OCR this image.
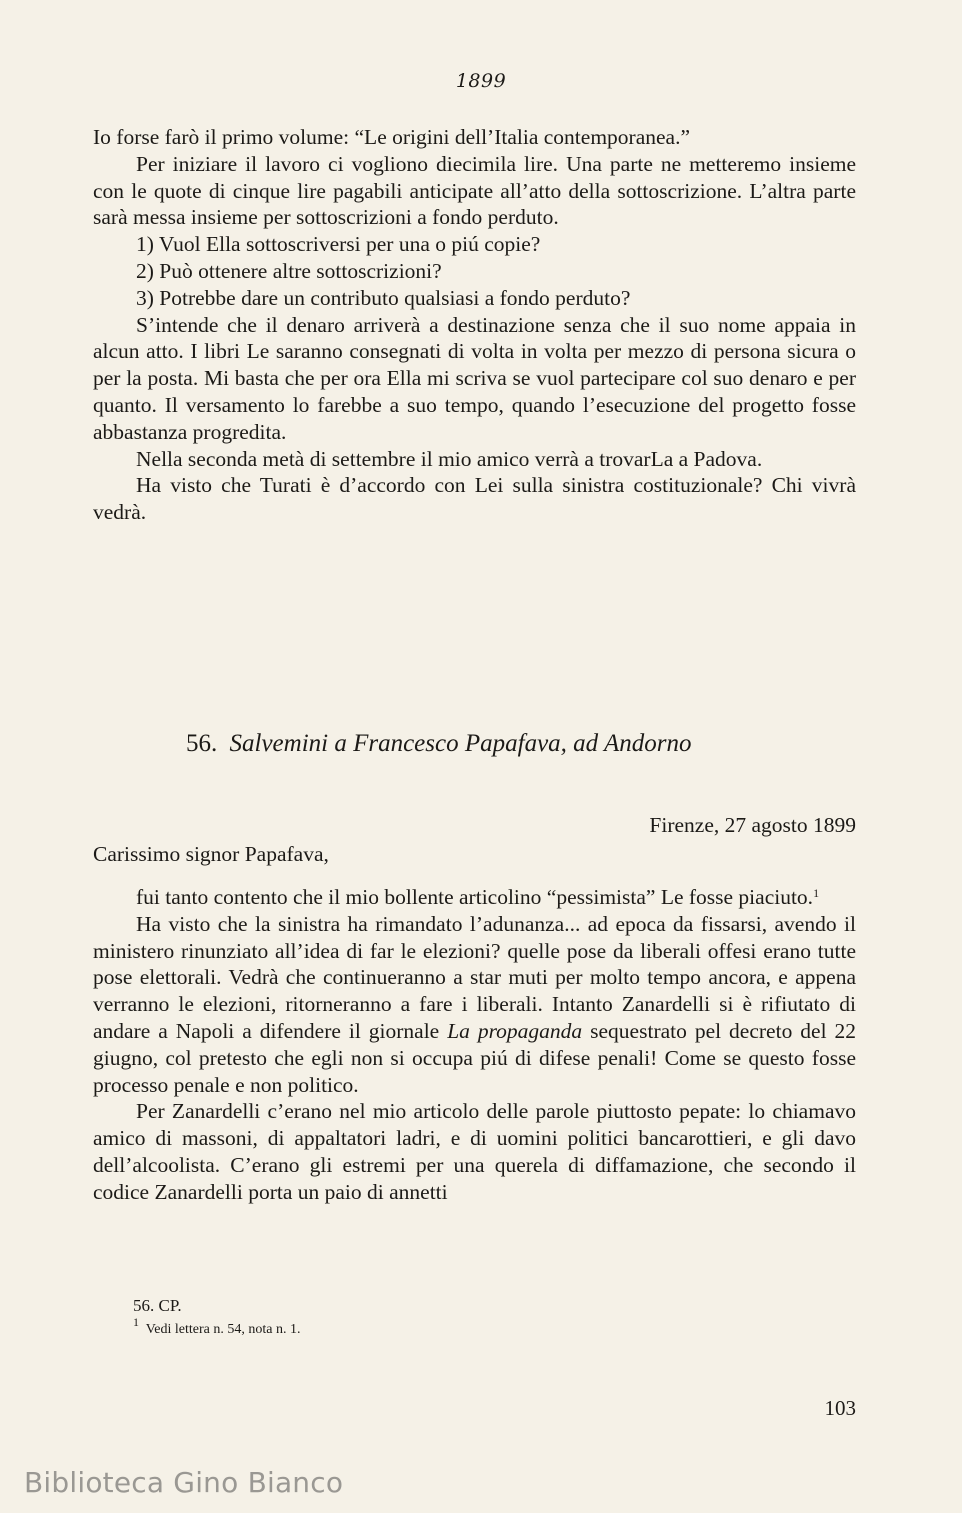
1899

Io forse farò il primo volume: “Le origini dell’Italia contemporanea.”

Per iniziare il lavoro ci vogliono diecimila lire. Una parte ne metteremo insieme con le quote di cinque lire pagabili anticipate all’atto della sottoscrizione. L’altra parte sarà messa insieme per sottoscrizioni a fondo perduto.

1) Vuol Ella sottoscriversi per una o piú copie?

2) Può ottenere altre sottoscrizioni?

3) Potrebbe dare un contributo qualsiasi a fondo perduto?

S’intende che il denaro arriverà a destinazione senza che il suo nome appaia in alcun atto. I libri Le saranno consegnati di volta in volta per mezzo di persona sicura o per la posta. Mi basta che per ora Ella mi scriva se vuol partecipare col suo denaro e per quanto. Il versamento lo farebbe a suo tempo, quando l’esecuzione del progetto fosse abbastanza progredita.

Nella seconda metà di settembre il mio amico verrà a trovarLa a Padova.

Ha visto che Turati è d’accordo con Lei sulla sinistra costituzionale? Chi vivrà vedrà.

56. Salvemini a Francesco Papafava, ad Andorno
Firenze, 27 agosto 1899
Carissimo signor Papafava,

fui tanto contento che il mio bollente articolino “pessimista” Le fosse piaciuto.$^1$

Ha visto che la sinistra ha rimandato l’adunanza... ad epoca da fissarsi, avendo il ministero rinunziato all’idea di far le elezioni? quelle pose da liberali offesi erano tutte pose elettorali. Vedrà che continueranno a star muti per molto tempo ancora, e appena verranno le elezioni, ritorneranno a fare i liberali. Intanto Zanardelli si è rifiutato di andare a Napoli a difendere il giornale La propaganda sequestrato pel decreto del 22 giugno, col pretesto che egli non si occupa piú di difese penali! Come se questo fosse processo penale e non politico.

Per Zanardelli c’erano nel mio articolo delle parole piuttosto pepate: lo chiamavo amico di massoni, di appaltatori ladri, e di uomini politici bancarottieri, e gli davo dell’alcoolista. C’erano gli estremi per una querela di diffamazione, che secondo il codice Zanardelli porta un paio di annetti

56. CP.
$^1$ Vedi lettera n. 54, nota n. 1.
103
Biblioteca Gino Bianco
